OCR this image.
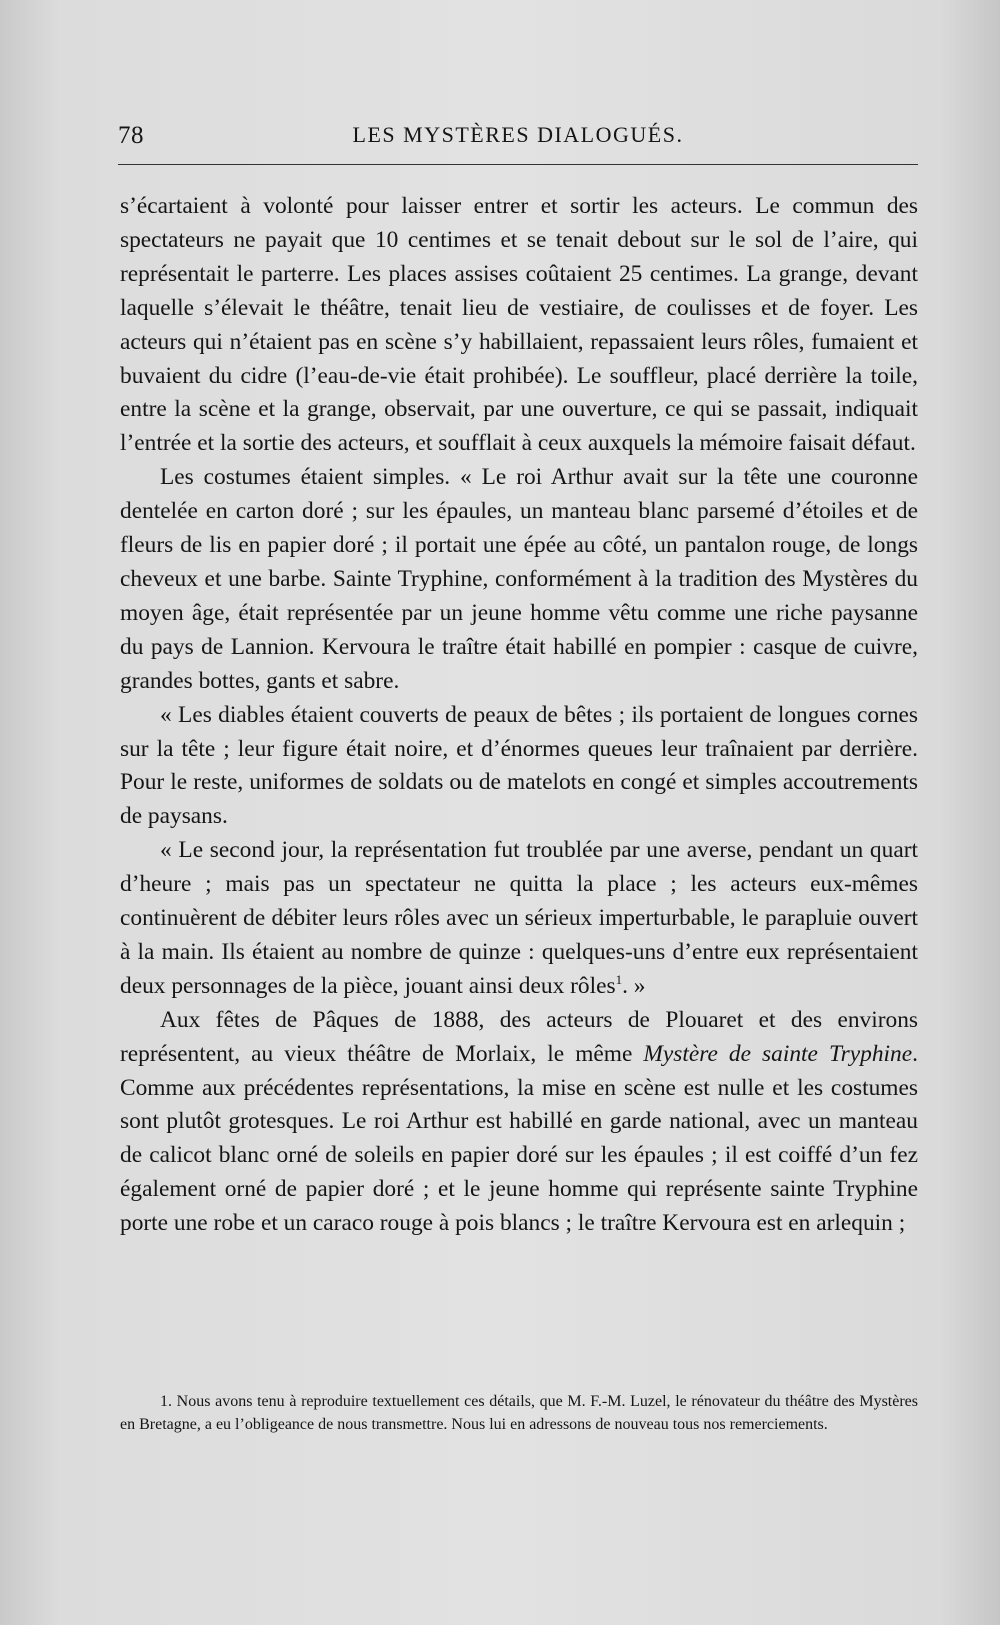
78	LES MYSTÈRES DIALOGUÉS.

s’écartaient à volonté pour laisser entrer et sortir les acteurs. Le commun des spectateurs ne payait que 10 centimes et se tenait debout sur le sol de l’aire, qui représentait le parterre. Les places assises coûtaient 25 centimes. La grange, devant laquelle s’élevait le théâtre, tenait lieu de vestiaire, de coulisses et de foyer. Les acteurs qui n’étaient pas en scène s’y habillaient, repassaient leurs rôles, fumaient et buvaient du cidre (l’eau-de-vie était prohibée). Le souffleur, placé derrière la toile, entre la scène et la grange, observait, par une ouverture, ce qui se passait, indiquait l’entrée et la sortie des acteurs, et soufflait à ceux auxquels la mémoire faisait défaut.

Les costumes étaient simples. « Le roi Arthur avait sur la tête une couronne dentelée en carton doré ; sur les épaules, un manteau blanc parsemé d’étoiles et de fleurs de lis en papier doré ; il portait une épée au côté, un pantalon rouge, de longs cheveux et une barbe. Sainte Tryphine, conformément à la tradition des Mystères du moyen âge, était représentée par un jeune homme vêtu comme une riche paysanne du pays de Lannion. Kervoura le traître était habillé en pompier : casque de cuivre, grandes bottes, gants et sabre.

« Les diables étaient couverts de peaux de bêtes ; ils portaient de longues cornes sur la tête ; leur figure était noire, et d’énormes queues leur traînaient par derrière. Pour le reste, uniformes de soldats ou de matelots en congé et simples accoutrements de paysans.

« Le second jour, la représentation fut troublée par une averse, pendant un quart d’heure ; mais pas un spectateur ne quitta la place ; les acteurs eux-mêmes continuèrent de débiter leurs rôles avec un sérieux imperturbable, le parapluie ouvert à la main. Ils étaient au nombre de quinze : quelques-uns d’entre eux représentaient deux personnages de la pièce, jouant ainsi deux rôles$^1$. »

Aux fêtes de Pâques de 1888, des acteurs de Plouaret et des environs représentent, au vieux théâtre de Morlaix, le même Mystère de sainte Tryphine. Comme aux précédentes représentations, la mise en scène est nulle et les costumes sont plutôt grotesques. Le roi Arthur est habillé en garde national, avec un manteau de calicot blanc orné de soleils en papier doré sur les épaules ; il est coiffé d’un fez également orné de papier doré ; et le jeune homme qui représente sainte Tryphine porte une robe et un caraco rouge à pois blancs ; le traître Kervoura est en arlequin ;

1. Nous avons tenu à reproduire textuellement ces détails, que M. F.-M. Luzel, le rénovateur du théâtre des Mystères en Bretagne, a eu l’obligeance de nous transmettre. Nous lui en adressons de nouveau tous nos remerciements.
